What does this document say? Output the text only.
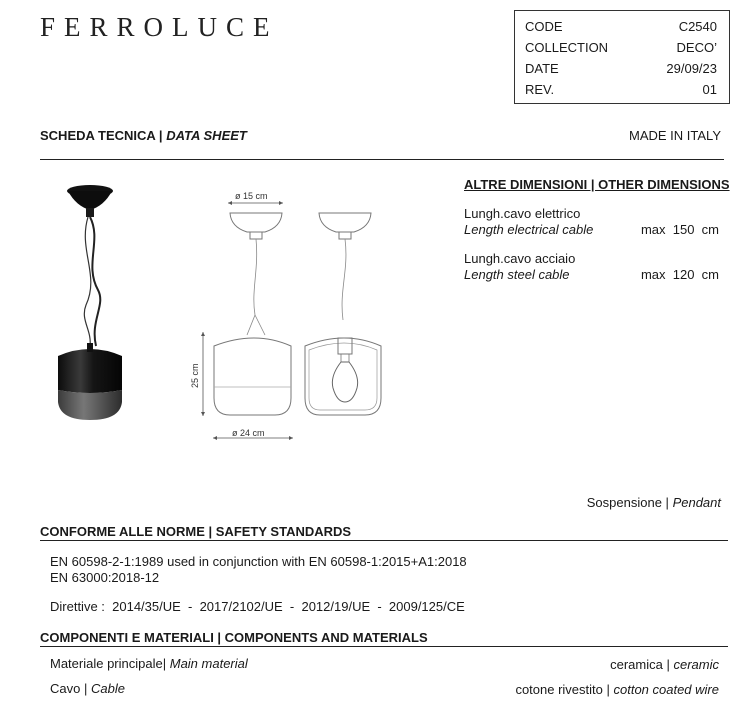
FERROLUCE	CODE	C2540
COLLECTION	DECO’
DATE	29/09/23
REV.	01
SCHEDA TECNICA | DATA SHEET	MADE IN ITALY
ø 15 cm
25 cm
ø 24 cm
ALTRE DIMENSIONI | OTHER DIMENSIONS
Lungh.cavo elettrico
Length electrical cable	max  150  cm
Lungh.cavo acciaio
Length steel cable	max  120  cm
Sospensione | Pendant
CONFORME ALLE NORME | SAFETY STANDARDS
EN 60598-2-1:1989 used in conjunction with EN 60598-1:2015+A1:2018
EN 63000:2018-12
Direttive :  2014/35/UE  -  2017/2102/UE  -  2012/19/UE  -  2009/125/CE
COMPONENTI E MATERIALI | COMPONENTS AND MATERIALS
Materiale principale| Main material	ceramica | ceramic
Cavo | Cable	cotone rivestito | cotton coated wire
